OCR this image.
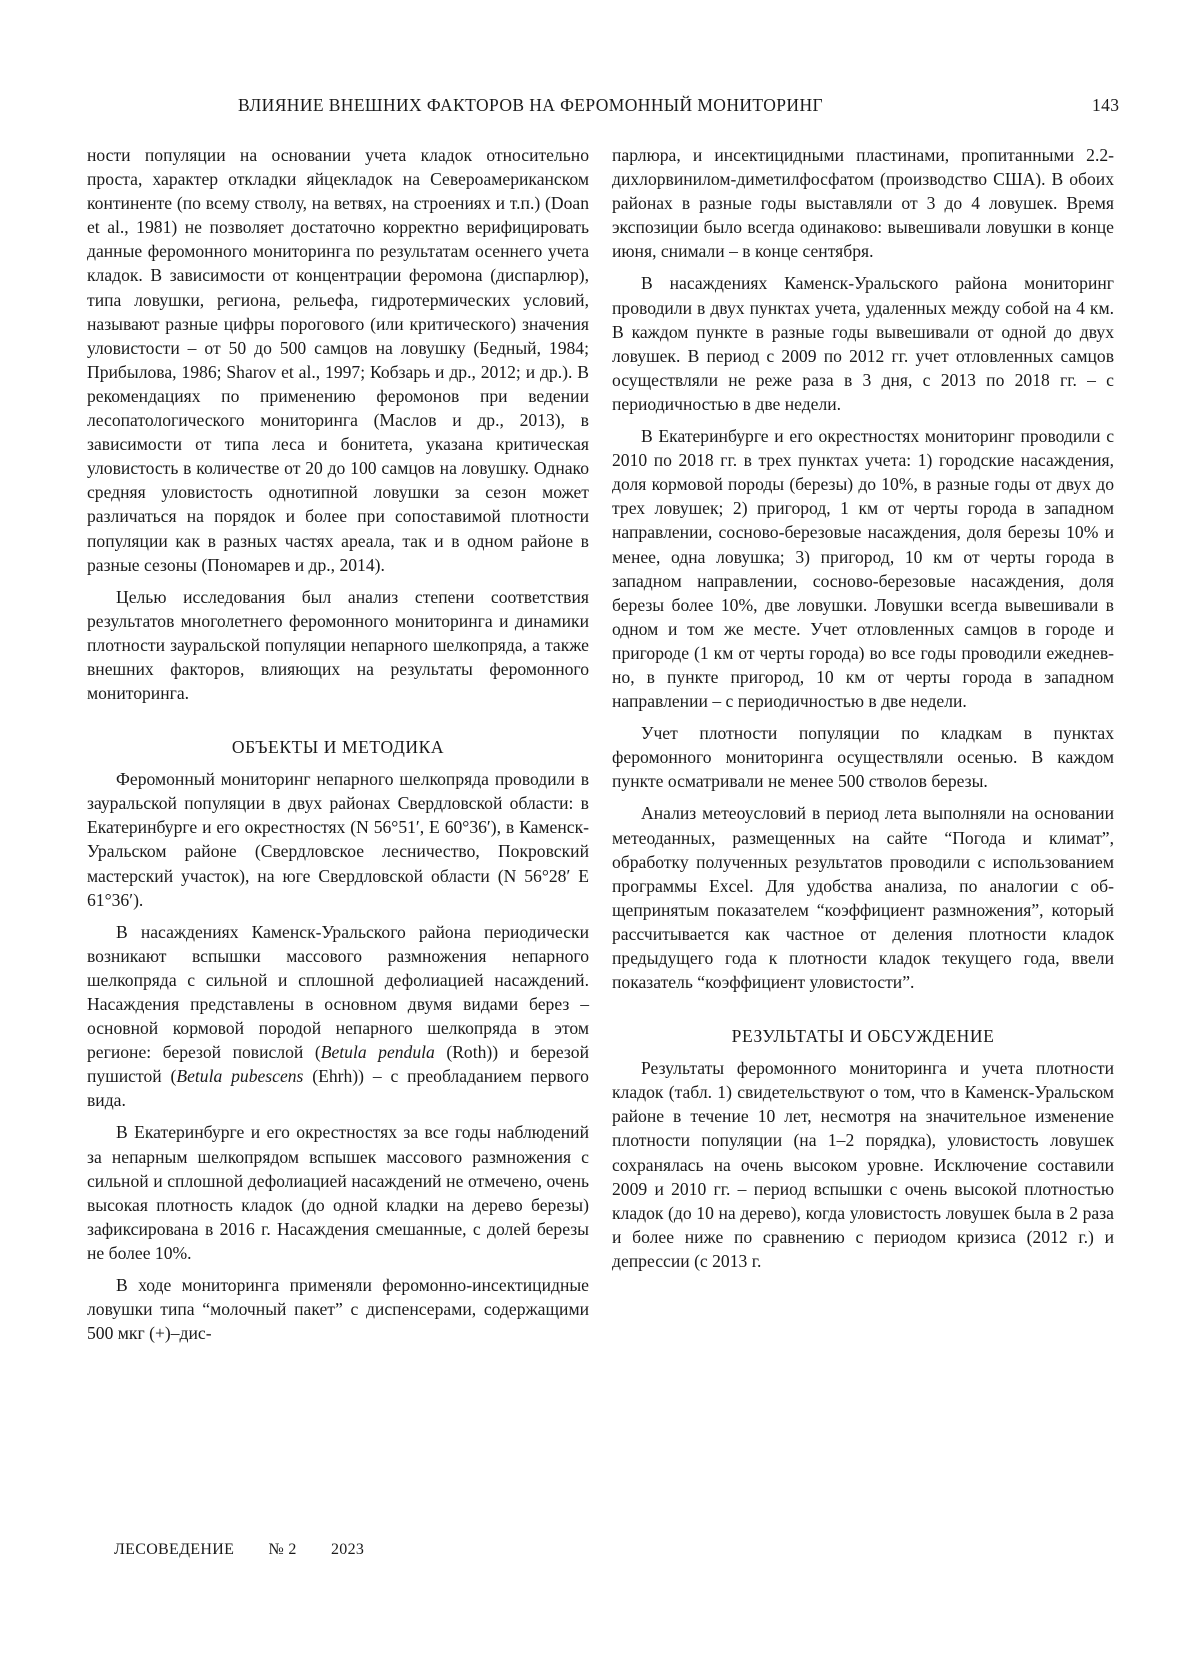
ВЛИЯНИЕ ВНЕШНИХ ФАКТОРОВ НА ФЕРОМОННЫЙ МОНИТОРИНГ	143

ности популяции на основании учета кладок относительно проста, характер откладки яйцекладок на Североамериканском континенте (по всему стволу, на ветвях, на строениях и т.п.) (Doan et al., 1981) не позволяет достаточно корректно верифицировать данные феромонного мониторинга по результатам осеннего учета кладок. В зависимости от концентрации феромона (диспарлюр), типа ловушки, региона, рельефа, гидротермических условий, называют разные цифры порогового (или критического) значения уловистости – от 50 до 500 самцов на ловушку (Бедный, 1984; Прибылова, 1986; Sharov et al., 1997; Кобзарь и др., 2012; и др.). В рекомендациях по применению феромонов при ведении лесопатологического мониторинга (Маслов и др., 2013), в зависимости от типа леса и бонитета, указана критическая уловистость в количестве от 20 до 100 самцов на ловушку. Однако средняя уловистость однотипной ловушки за сезон может различаться на порядок и более при сопоставимой плотности популяции как в разных частях ареала, так и в одном районе в разные сезоны (Пономарев и др., 2014).

Целью исследования был анализ степени соответствия результатов многолетнего феромонного мониторинга и динамики плотности зауральской популяции непарного шелкопряда, а также внешних факторов, влияющих на результаты феромонного мониторинга.

ОБЪЕКТЫ И МЕТОДИКА

Феромонный мониторинг непарного шелкопряда проводили в зауральской популяции в двух районах Свердловской области: в Екатеринбурге и его окрестностях (N 56°51′, E 60°36′), в Каменск-Уральском районе (Свердловское лесничество, Покровский мастерский участок), на юге Свердловской области (N 56°28′ E 61°36′).

В насаждениях Каменск-Уральского района периодически возникают вспышки массового размножения непарного шелкопряда с сильной и сплошной дефолиацией насаждений. Насаждения представлены в основном двумя видами берез – основной кормовой породой непарного шелкопряда в этом регионе: березой повислой (Betula pendula (Roth)) и березой пушистой (Betula pubescens (Ehrh)) – с преобладанием первого вида.

В Екатеринбурге и его окрестностях за все годы наблюдений за непарным шелкопрядом вспышек массового размножения с сильной и сплошной дефолиацией насаждений не отмечено, очень высокая плотность кладок (до одной кладки на дерево березы) зафиксирована в 2016 г. Насаждения смешанные, с долей березы не более 10%.

В ходе мониторинга применяли феромонно-инсектицидные ловушки типа “молочный пакет” с диспенсерами, содержащими 500 мкг (+)–дис-

парлюра, и инсектицидными пластинами, пропитанными 2.2-дихлорвинилом-диметилфосфатом (производство США). В обоих районах в разные годы выставляли от 3 до 4 ловушек. Время экспозиции было всегда одинаково: вывешивали ловушки в конце июня, снимали – в конце сентября.

В насаждениях Каменск-Уральского района мониторинг проводили в двух пунктах учета, удаленных между собой на 4 км. В каждом пункте в разные годы вывешивали от одной до двух ловушек. В период с 2009 по 2012 гг. учет отловленных самцов осуществляли не реже раза в 3 дня, с 2013 по 2018 гг. – с периодичностью в две недели.

В Екатеринбурге и его окрестностях мониторинг проводили с 2010 по 2018 гг. в трех пунктах учета: 1) городские насаждения, доля кормовой породы (березы) до 10%, в разные годы от двух до трех ловушек; 2) пригород, 1 км от черты города в западном направлении, сосново-березовые насаждения, доля березы 10% и менее, одна ловушка; 3) пригород, 10 км от черты города в западном направлении, сосново-березовые насаждения, доля березы более 10%, две ловушки. Ловушки всегда вывешивали в одном и том же месте. Учет отловленных самцов в городе и пригороде (1 км от черты города) во все годы проводили ежедневно, в пункте пригород, 10 км от черты города в западном направлении – с периодичностью в две недели.

Учет плотности популяции по кладкам в пунктах феромонного мониторинга осуществляли осенью. В каждом пункте осматривали не менее 500 стволов березы.

Анализ метеоусловий в период лета выполняли на основании метеоданных, размещенных на сайте “Погода и климат”, обработку полученных результатов проводили с использованием программы Excel. Для удобства анализа, по аналогии с общепринятым показателем “коэффициент размножения”, который рассчитывается как частное от деления плотности кладок предыдущего года к плотности кладок текущего года, ввели показатель “коэффициент уловистости”.

РЕЗУЛЬТАТЫ И ОБСУЖДЕНИЕ

Результаты феромонного мониторинга и учета плотности кладок (табл. 1) свидетельствуют о том, что в Каменск-Уральском районе в течение 10 лет, несмотря на значительное изменение плотности популяции (на 1–2 порядка), уловистость ловушек сохранялась на очень высоком уровне. Исключение составили 2009 и 2010 гг. – период вспышки с очень высокой плотностью кладок (до 10 на дерево), когда уловистость ловушек была в 2 раза и более ниже по сравнению с периодом кризиса (2012 г.) и депрессии (с 2013 г.

ЛЕСОВЕДЕНИЕ № 2 2023
